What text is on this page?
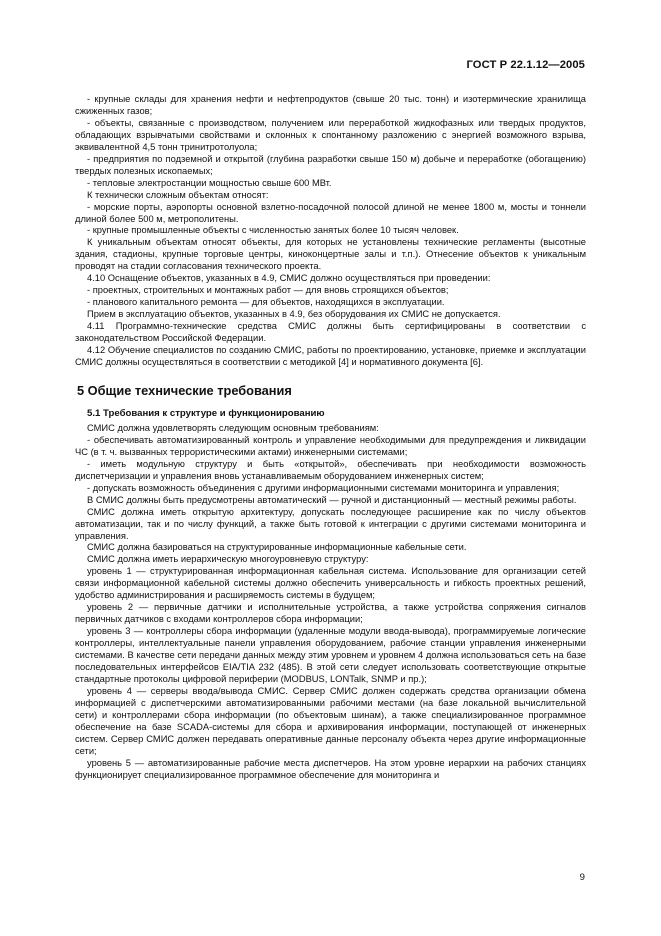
ГОСТ Р 22.1.12—2005

- крупные склады для хранения нефти и нефтепродуктов (свыше 20 тыс. тонн) и изотермические хранилища сжиженных газов;

- объекты, связанные с производством, получением или переработкой жидкофазных или твердых продуктов, обладающих взрывчатыми свойствами и склонных к спонтанному разложению с энергией возможного взрыва, эквивалентной 4,5 тонн тринитротолуола;

- предприятия по подземной и открытой (глубина разработки свыше 150 м) добыче и переработке (обогащению) твердых полезных ископаемых;

- тепловые электростанции мощностью свыше 600 МВт.

К технически сложным объектам относят:

- морские порты, аэропорты основной взлетно-посадочной полосой длиной не менее 1800 м, мосты и тоннели длиной более 500 м, метрополитены.

- крупные промышленные объекты с численностью занятых более 10 тысяч человек.

К уникальным объектам относят объекты, для которых не установлены технические регламенты (высотные здания, стадионы, крупные торговые центры, киноконцертные залы и т.п.). Отнесение объектов к уникальным проводят на стадии согласования технического проекта.

4.10 Оснащение объектов, указанных в 4.9, СМИС должно осуществляться при проведении:

- проектных, строительных и монтажных работ — для вновь строящихся объектов;

- планового капитального ремонта — для объектов, находящихся в эксплуатации.

Прием в эксплуатацию объектов, указанных в 4.9, без оборудования их СМИС не допускается.

4.11 Программно-технические средства СМИС должны быть сертифицированы в соответствии с законодательством Российской Федерации.

4.12 Обучение специалистов по созданию СМИС, работы по проектированию, установке, приемке и эксплуатации СМИС должны осуществляться в соответствии с методикой [4] и нормативного документа [6].

5 Общие технические требования
5.1 Требования к структуре и функционированию

СМИС должна удовлетворять следующим основным требованиям:

- обеспечивать автоматизированный контроль и управление необходимыми для предупреждения и ликвидации ЧС (в т. ч. вызванных террористическими актами) инженерными системами;

- иметь модульную структуру и быть «открытой», обеспечивать при необходимости возможность диспетчеризации и управления вновь устанавливаемым оборудованием инженерных систем;

- допускать возможность объединения с другими информационными системами мониторинга и управления;

В СМИС должны быть предусмотрены автоматический — ручной и дистанционный — местный режимы работы.

СМИС должна иметь открытую архитектуру, допускать последующее расширение как по числу объектов автоматизации, так и по числу функций, а также быть готовой к интеграции с другими системами мониторинга и управления.

СМИС должна базироваться на структурированные информационные кабельные сети.

СМИС должна иметь иерархическую многоуровневую структуру:

уровень 1 — структурированная информационная кабельная система. Использование для организации сетей связи информационной кабельной системы должно обеспечить универсальность и гибкость проектных решений, удобство администрирования и расширяемость системы в будущем;

уровень 2 — первичные датчики и исполнительные устройства, а также устройства сопряжения сигналов первичных датчиков с входами контроллеров сбора информации;

уровень 3 — контроллеры сбора информации (удаленные модули ввода-вывода), программируемые логические контроллеры, интеллектуальные панели управления оборудованием, рабочие станции управления инженерными системами. В качестве сети передачи данных между этим уровнем и уровнем 4 должна использоваться сеть на базе последовательных интерфейсов EIA/TIA 232 (485). В этой сети следует использовать соответствующие открытые стандартные протоколы цифровой периферии (MODBUS, LONTalk, SNMP и пр.);

уровень 4 — серверы ввода/вывода СМИС. Сервер СМИС должен содержать средства организации обмена информацией с диспетчерскими автоматизированными рабочими местами (на базе локальной вычислительной сети) и контроллерами сбора информации (по объектовым шинам), а также специализированное программное обеспечение на базе SCADA-системы для сбора и архивирования информации, поступающей от инженерных систем. Сервер СМИС должен передавать оперативные данные персоналу объекта через другие информационные сети;

уровень 5 — автоматизированные рабочие места диспетчеров. На этом уровне иерархии на рабочих станциях функционирует специализированное программное обеспечение для мониторинга и

9
